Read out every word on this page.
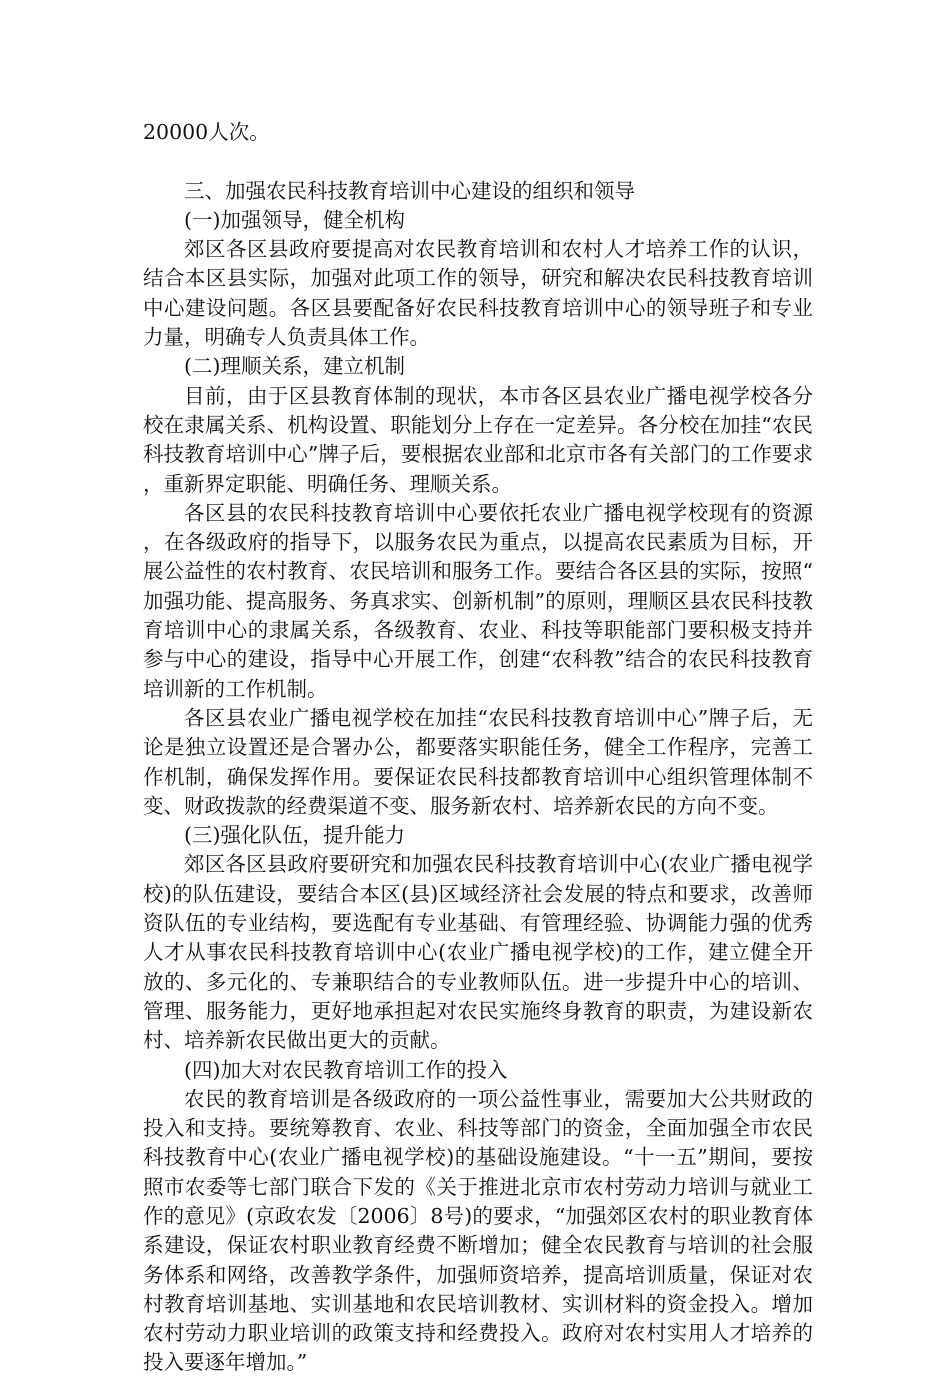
20000人次。

三、加强农民科技教育培训中心建设的组织和领导

(一)加强领导，健全机构

郊区各区县政府要提高对农民教育培训和农村人才培养工作的认识，结合本区县实际，加强对此项工作的领导，研究和解决农民科技教育培训中心建设问题。各区县要配备好农民科技教育培训中心的领导班子和专业力量，明确专人负责具体工作。

(二)理顺关系，建立机制

目前，由于区县教育体制的现状，本市各区县农业广播电视学校各分校在隶属关系、机构设置、职能划分上存在一定差异。各分校在加挂“农民科技教育培训中心”牌子后，要根据农业部和北京市各有关部门的工作要求，重新界定职能、明确任务、理顺关系。

各区县的农民科技教育培训中心要依托农业广播电视学校现有的资源，在各级政府的指导下，以服务农民为重点，以提高农民素质为目标，开展公益性的农村教育、农民培训和服务工作。要结合各区县的实际，按照“加强功能、提高服务、务真求实、创新机制”的原则，理顺区县农民科技教育培训中心的隶属关系，各级教育、农业、科技等职能部门要积极支持并参与中心的建设，指导中心开展工作，创建“农科教”结合的农民科技教育培训新的工作机制。

各区县农业广播电视学校在加挂“农民科技教育培训中心”牌子后，无论是独立设置还是合署办公，都要落实职能任务，健全工作程序，完善工作机制，确保发挥作用。要保证农民科技都教育培训中心组织管理体制不变、财政拨款的经费渠道不变、服务新农村、培养新农民的方向不变。

(三)强化队伍，提升能力

郊区各区县政府要研究和加强农民科技教育培训中心(农业广播电视学校)的队伍建设，要结合本区(县)区域经济社会发展的特点和要求，改善师资队伍的专业结构，要选配有专业基础、有管理经验、协调能力强的优秀人才从事农民科技教育培训中心(农业广播电视学校)的工作，建立健全开放的、多元化的、专兼职结合的专业教师队伍。进一步提升中心的培训、管理、服务能力，更好地承担起对农民实施终身教育的职责，为建设新农村、培养新农民做出更大的贡献。

(四)加大对农民教育培训工作的投入

农民的教育培训是各级政府的一项公益性事业，需要加大公共财政的投入和支持。要统筹教育、农业、科技等部门的资金，全面加强全市农民科技教育中心(农业广播电视学校)的基础设施建设。“十一五”期间，要按照市农委等七部门联合下发的《关于推进北京市农村劳动力培训与就业工作的意见》(京政农发〔2006〕8号)的要求，“加强郊区农村的职业教育体系建设，保证农村职业教育经费不断增加；健全农民教育与培训的社会服务体系和网络，改善教学条件，加强师资培养，提高培训质量，保证对农村教育培训基地、实训基地和农民培训教材、实训材料的资金投入。增加农村劳动力职业培训的政策支持和经费投入。政府对农村实用人才培养的投入要逐年增加。”
